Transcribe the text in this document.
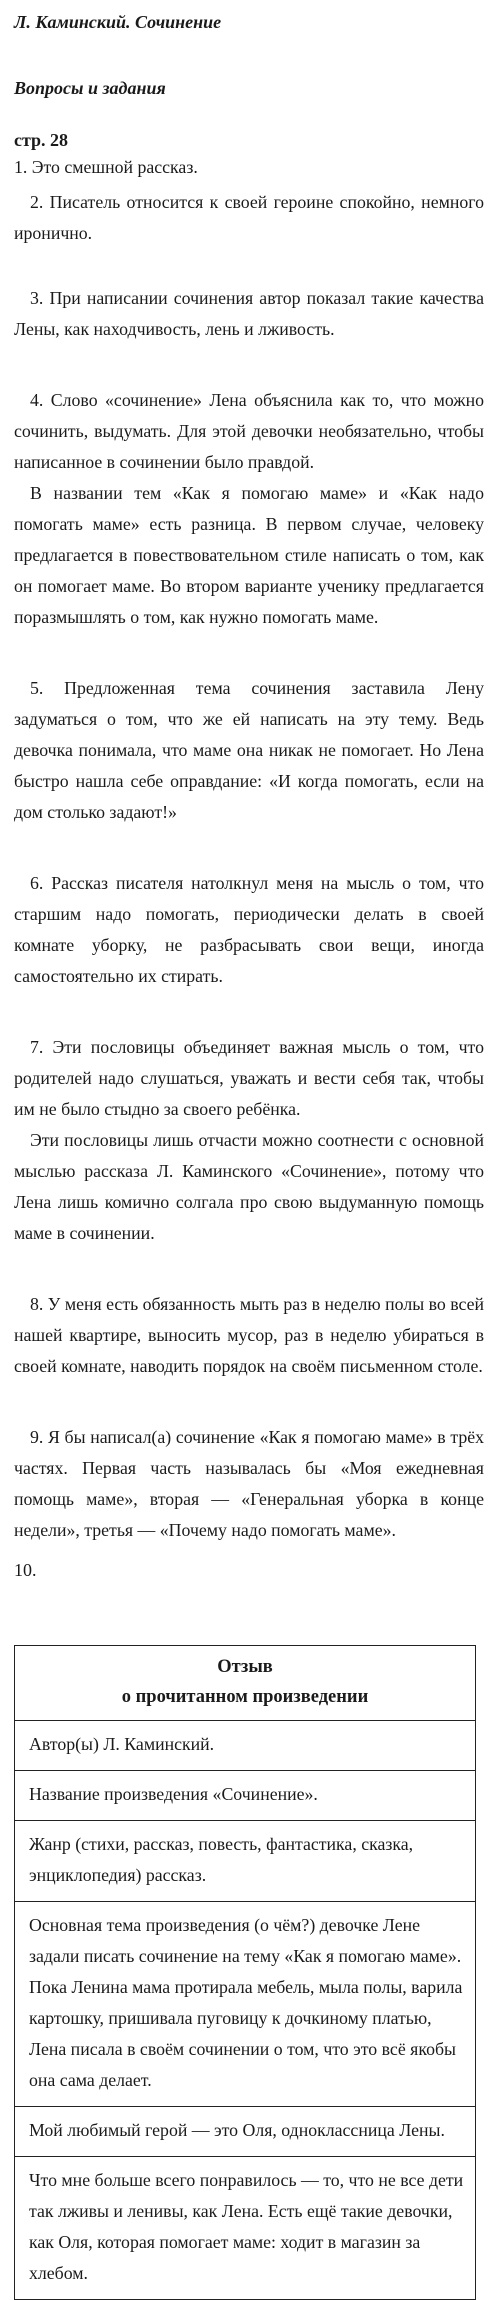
Л. Каминский. Сочинение

Вопросы и задания

стр. 28

1. Это смешной рассказ.

2. Писатель относится к своей героине спокойно, немного иронично.

3. При написании сочинения автор показал такие качества Лены, как находчивость, лень и лживость.

4. Слово «сочинение» Лена объяснила как то, что можно сочинить, выдумать. Для этой девочки необязательно, чтобы написанное в сочинении было правдой.

В названии тем «Как я помогаю маме» и «Как надо помогать маме» есть разница. В первом случае, человеку предлагается в повествовательном стиле написать о том, как он помогает маме. Во втором варианте ученику предлагается поразмышлять о том, как нужно помогать маме.

5. Предложенная тема сочинения заставила Лену задуматься о том, что же ей написать на эту тему. Ведь девочка понимала, что маме она никак не помогает. Но Лена быстро нашла себе оправдание: «И когда помогать, если на дом столько задают!»

6. Рассказ писателя натолкнул меня на мысль о том, что старшим надо помогать, периодически делать в своей комнате уборку, не разбрасывать свои вещи, иногда самостоятельно их стирать.

7. Эти пословицы объединяет важная мысль о том, что родителей надо слушаться, уважать и вести себя так, чтобы им не было стыдно за своего ребёнка.

Эти пословицы лишь отчасти можно соотнести с основной мыслью рассказа Л. Каминского «Сочинение», потому что Лена лишь комично солгала про свою выдуманную помощь маме в сочинении.

8. У меня есть обязанность мыть раз в неделю полы во всей нашей квартире, выносить мусор, раз в неделю убираться в своей комнате, наводить порядок на своём письменном столе.

9. Я бы написал(а) сочинение «Как я помогаю маме» в трёх частях. Первая часть называлась бы «Моя ежедневная помощь маме», вторая — «Генеральная уборка в конце недели», третья — «Почему надо помогать маме».

10.

Отзыв
о прочитанном произведении
Автор(ы) Л. Каминский.
Название произведения «Сочинение».
Жанр (стихи, рассказ, повесть, фантастика, сказка, энциклопедия) рассказ.
Основная тема произведения (о чём?) девочке Лене задали писать сочинение на тему «Как я помогаю маме». Пока Ленина мама протирала мебель, мыла полы, варила картошку, пришивала пуговицу к дочкиному платью, Лена писала в своём сочинении о том, что это всё якобы она сама делает.
Мой любимый герой — это Оля, одноклассница Лены.
Что мне больше всего понравилось — то, что не все дети так лживы и ленивы, как Лена. Есть ещё такие девочки, как Оля, которая помогает маме: ходит в магазин за хлебом.
